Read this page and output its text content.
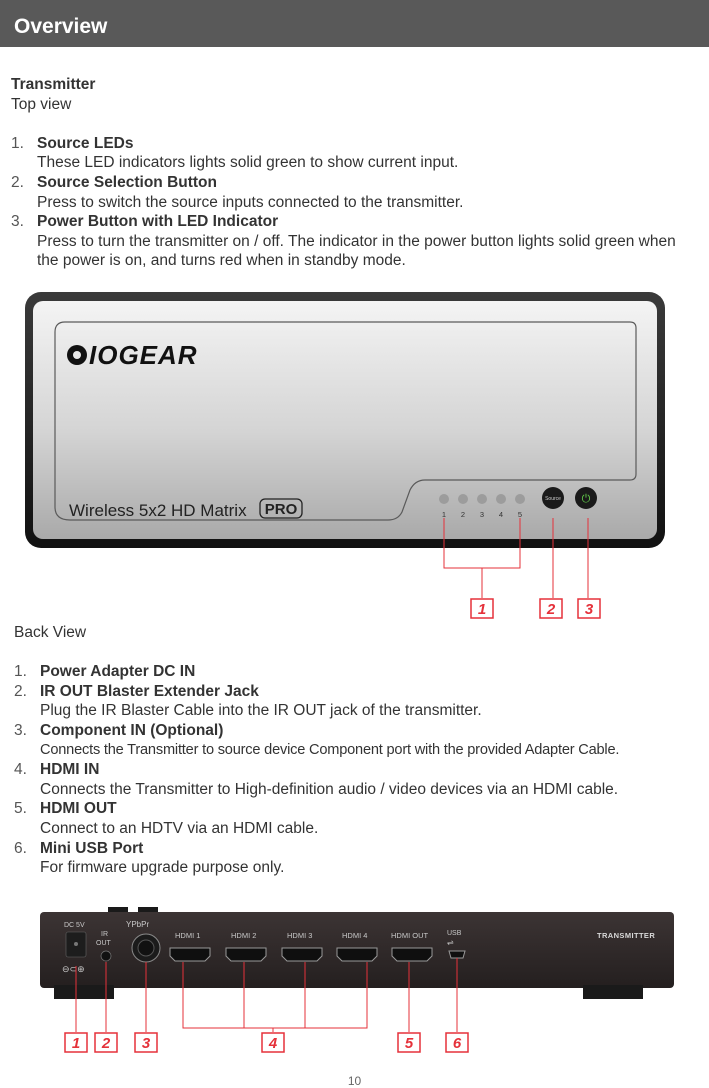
Overview
Transmitter
Top view
1. Source LEDs
These LED indicators lights solid green to show current input.
2. Source Selection Button
Press to switch the source inputs connected to the transmitter.
3. Power Button with LED Indicator
Press to turn the transmitter on / off. The indicator in the power button lights solid green when the power is on, and turns red when in standby mode.
IOGEAR
Wireless 5x2 HD Matrix PRO	1 2 3 4 5
Source ⏻
1	2 3
Back View
1. Power Adapter DC IN
2. IR OUT Blaster Extender Jack
Plug the IR Blaster Cable into the IR OUT jack of the transmitter.
3. Component IN (Optional)
Connects the Transmitter to source device Component port with the provided Adapter Cable.
4. HDMI IN
Connects the Transmitter to High-definition audio / video devices via an HDMI cable.
5. HDMI OUT
Connect to an HDTV via an HDMI cable.
6. Mini USB Port
For firmware upgrade purpose only.
DC 5V
⊖⊂⊕
IR
OUT
YPbPr
HDMI 1	HDMI 2	HDMI 3	HDMI 4	HDMI OUT	USB
⇌
TRANSMITTER
1 2 3	4	5	6
10
